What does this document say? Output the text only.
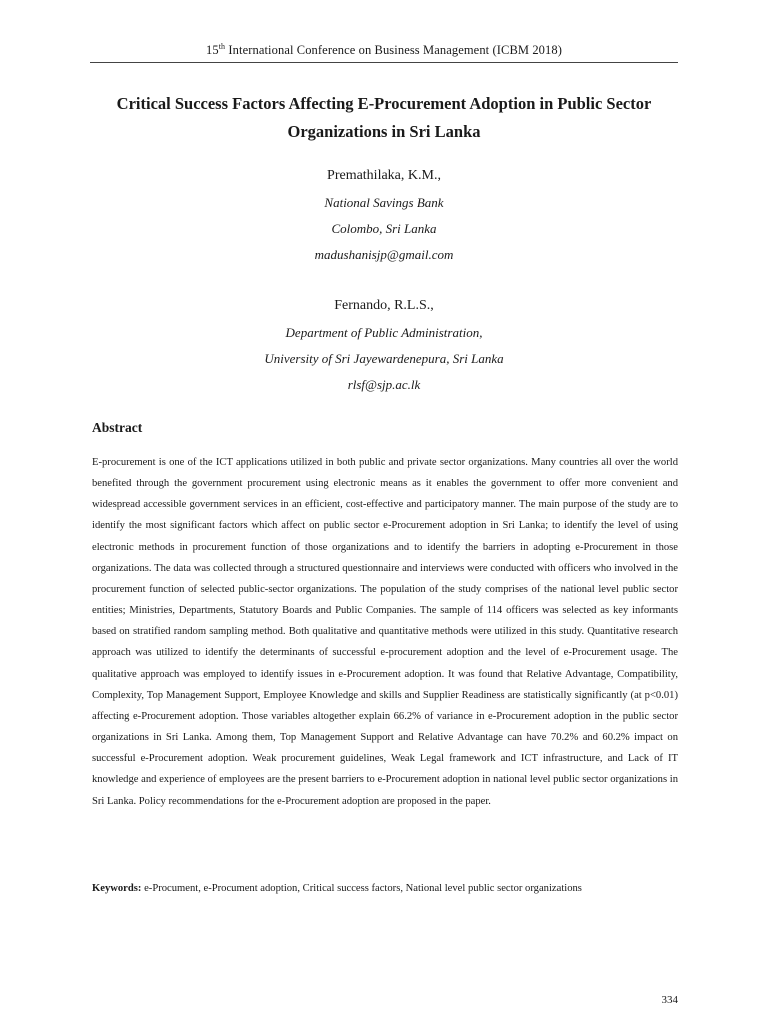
15th International Conference on Business Management (ICBM 2018)
Critical Success Factors Affecting E-Procurement Adoption in Public Sector Organizations in Sri Lanka
Premathilaka, K.M.,
National Savings Bank
Colombo, Sri Lanka
madushanisjp@gmail.com
Fernando, R.L.S.,
Department of Public Administration,
University of Sri Jayewardenepura, Sri Lanka
rlsf@sjp.ac.lk
Abstract

E-procurement is one of the ICT applications utilized in both public and private sector organizations. Many countries all over the world benefited through the government procurement using electronic means as it enables the government to offer more convenient and widespread accessible government services in an efficient, cost-effective and participatory manner. The main purpose of the study are to identify the most significant factors which affect on public sector e-Procurement adoption in Sri Lanka; to identify the level of using electronic methods in procurement function of those organizations and to identify the barriers in adopting e-Procurement in those organizations. The data was collected through a structured questionnaire and interviews were conducted with officers who involved in the procurement function of selected public-sector organizations. The population of the study comprises of the national level public sector entities; Ministries, Departments, Statutory Boards and Public Companies. The sample of 114 officers was selected as key informants based on stratified random sampling method. Both qualitative and quantitative methods were utilized in this study. Quantitative research approach was utilized to identify the determinants of successful e-procurement adoption and the level of e-Procurement usage. The qualitative approach was employed to identify issues in e-Procurement adoption. It was found that Relative Advantage, Compatibility, Complexity, Top Management Support, Employee Knowledge and skills and Supplier Readiness are statistically significantly (at p<0.01) affecting e-Procurement adoption. Those variables altogether explain 66.2% of variance in e-Procurement adoption in the public sector organizations in Sri Lanka. Among them, Top Management Support and Relative Advantage can have 70.2% and 60.2% impact on successful e-Procurement adoption. Weak procurement guidelines, Weak Legal framework and ICT infrastructure, and Lack of IT knowledge and experience of employees are the present barriers to e-Procurement adoption in national level public sector organizations in Sri Lanka. Policy recommendations for the e-Procurement adoption are proposed in the paper.

Keywords: e-Procument, e-Procument adoption, Critical success factors, National level public sector organizations

334
